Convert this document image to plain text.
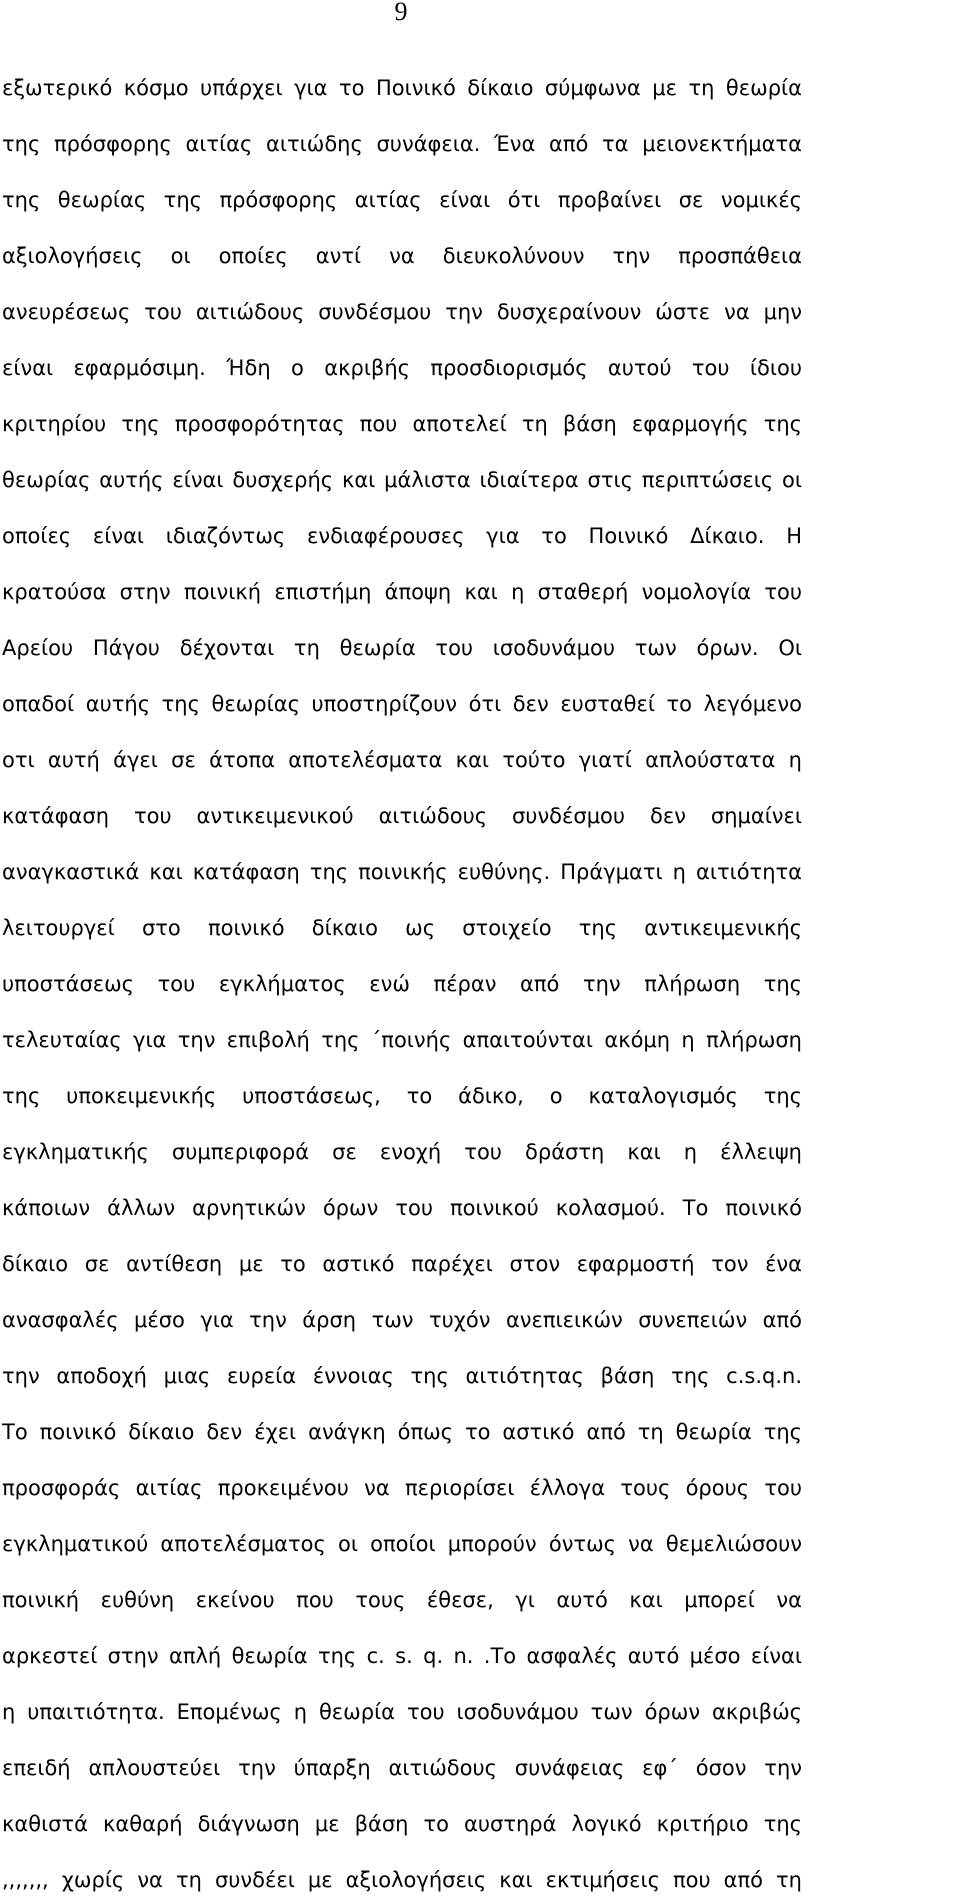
9
εξωτερικό κόσμο υπάρχει για το Ποινικό δίκαιο σύμφωνα με τη θεωρία
της πρόσφορης αιτίας αιτιώδης συνάφεια. Ένα από τα μειονεκτήματα
της θεωρίας της πρόσφορης αιτίας είναι ότι προβαίνει σε νομικές
αξιολογήσεις οι οποίες αντί να διευκολύνουν την προσπάθεια
ανευρέσεως του αιτιώδους συνδέσμου την δυσχεραίνουν ώστε να μην
είναι εφαρμόσιμη. Ήδη ο ακριβής προσδιορισμός αυτού του ίδιου
κριτηρίου της προσφορότητας που αποτελεί τη βάση εφαρμογής της
θεωρίας αυτής είναι δυσχερής και μάλιστα ιδιαίτερα στις περιπτώσεις οι
οποίες είναι ιδιαζόντως ενδιαφέρουσες για το Ποινικό Δίκαιο. Η
κρατούσα στην ποινική επιστήμη άποψη και η σταθερή νομολογία του
Αρείου Πάγου δέχονται τη θεωρία του ισοδυνάμου των όρων. Οι
οπαδοί αυτής της θεωρίας υποστηρίζουν ότι δεν ευσταθεί το λεγόμενο
οτι αυτή άγει σε άτοπα αποτελέσματα και τούτο γιατί απλούστατα η
κατάφαση του αντικειμενικού αιτιώδους συνδέσμου δεν σημαίνει
αναγκαστικά και κατάφαση της ποινικής ευθύνης. Πράγματι η αιτιότητα
λειτουργεί στο ποινικό δίκαιο ως στοιχείο της αντικειμενικής
υποστάσεως του εγκλήματος ενώ πέραν από την πλήρωση της
τελευταίας για την επιβολή της ΄ποινής απαιτούνται ακόμη η πλήρωση
της υποκειμενικής υποστάσεως, το άδικο, ο καταλογισμός της
εγκληματικής συμπεριφορά σε ενοχή του δράστη και η έλλειψη
κάποιων άλλων αρνητικών όρων του ποινικού κολασμού. Το ποινικό
δίκαιο σε αντίθεση με το αστικό παρέχει στον εφαρμοστή τον ένα
ανασφαλές μέσο για την άρση των τυχόν ανεπιεικών συνεπειών από
την αποδοχή μιας ευρεία έννοιας της αιτιότητας βάση της c.s.q.n.
Το ποινικό δίκαιο δεν έχει ανάγκη όπως το αστικό από τη θεωρία της
προσφοράς αιτίας προκειμένου να περιορίσει έλλογα τους όρους του
εγκληματικού αποτελέσματος οι οποίοι μπορούν όντως να θεμελιώσουν
ποινική ευθύνη εκείνου που τους έθεσε, γι αυτό και μπορεί να
αρκεστεί στην απλή θεωρία της c. s. q. n. .Το ασφαλές αυτό μέσο είναι
η υπαιτιότητα. Επομένως η θεωρία του ισοδυνάμου των όρων ακριβώς
επειδή απλουστεύει την ύπαρξη αιτιώδους συνάφειας εφ΄ όσον την
καθιστά καθαρή διάγνωση με βάση το αυστηρά λογικό κριτήριο της
,,,,,,, χωρίς να τη συνδέει με αξιολογήσεις και εκτιμήσεις που από τη
